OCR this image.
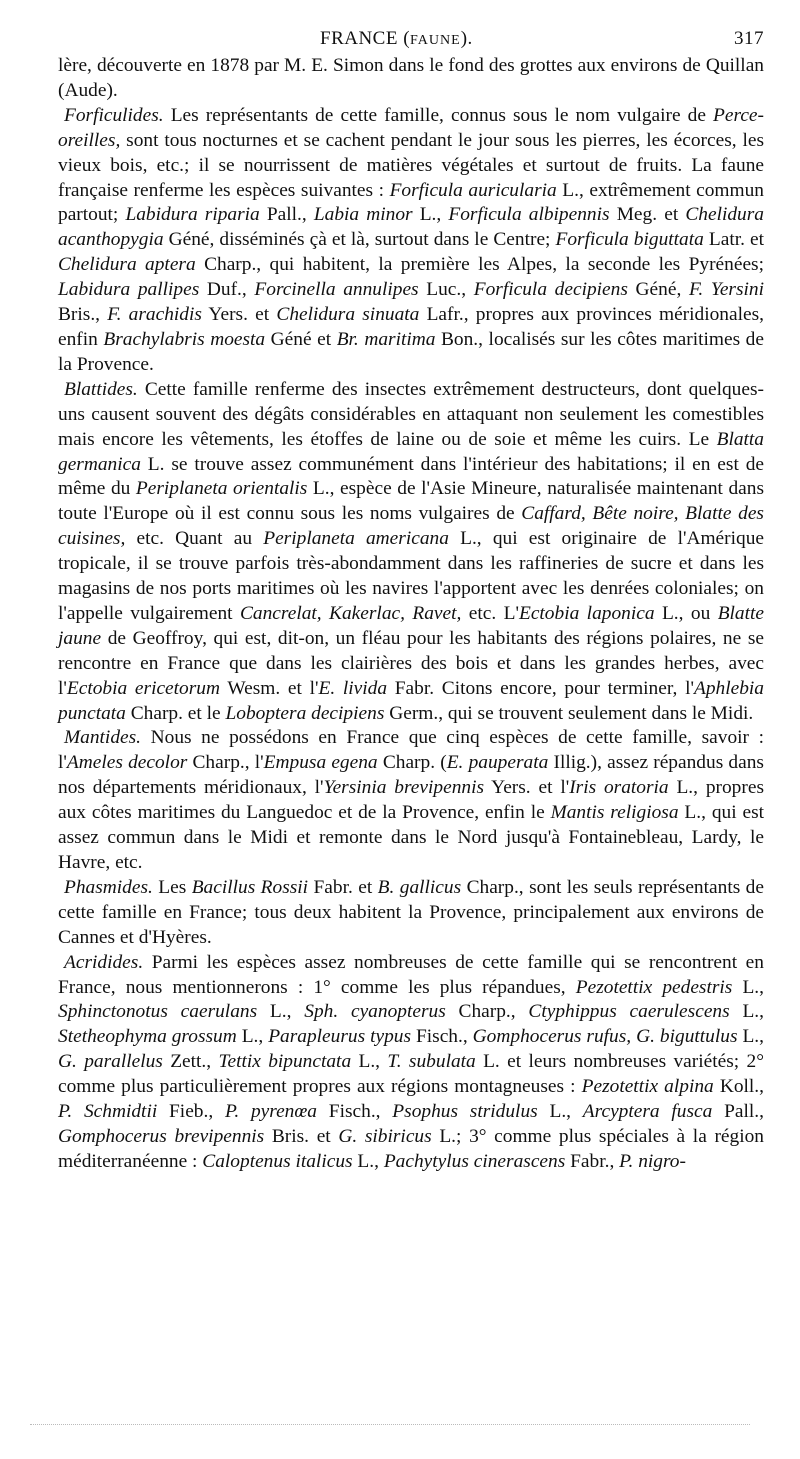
FRANCE (FAUNE).	317

lère, découverte en 1878 par M. E. Simon dans le fond des grottes aux environs de Quillan (Aude).

Forficulides. Les représentants de cette famille, connus sous le nom vulgaire de Perce-oreilles, sont tous nocturnes et se cachent pendant le jour sous les pierres, les écorces, les vieux bois, etc.; il se nourrissent de matières végétales et surtout de fruits. La faune française renferme les espèces suivantes : Forficula auricularia L., extrêmement commun partout; Labidura riparia Pall., Labia minor L., Forficula albipennis Meg. et Chelidura acanthopygia Géné, disséminés çà et là, surtout dans le Centre; Forficula biguttata Latr. et Chelidura aptera Charp., qui habitent, la première les Alpes, la seconde les Pyrénées; Labidura pallipes Duf., Forcinella annulipes Luc., Forficula decipiens Géné, F. Yersini Bris., F. arachidis Yers. et Chelidura sinuata Lafr., propres aux provinces méridionales, enfin Brachylabris moesta Géné et Br. maritima Bon., localisés sur les côtes maritimes de la Provence.

Blattides. Cette famille renferme des insectes extrêmement destructeurs, dont quelques-uns causent souvent des dégâts considérables en attaquant non seulement les comestibles mais encore les vêtements, les étoffes de laine ou de soie et même les cuirs. Le Blatta germanica L. se trouve assez communément dans l'intérieur des habitations; il en est de même du Periplaneta orientalis L., espèce de l'Asie Mineure, naturalisée maintenant dans toute l'Europe où il est connu sous les noms vulgaires de Caffard, Bête noire, Blatte des cuisines, etc. Quant au Periplaneta americana L., qui est originaire de l'Amérique tropicale, il se trouve parfois très-abondamment dans les raffineries de sucre et dans les magasins de nos ports maritimes où les navires l'apportent avec les denrées coloniales; on l'appelle vulgairement Cancrelat, Kakerlac, Ravet, etc. L'Ectobia laponica L., ou Blatte jaune de Geoffroy, qui est, dit-on, un fléau pour les habitants des régions polaires, ne se rencontre en France que dans les clairières des bois et dans les grandes herbes, avec l'Ectobia ericetorum Wesm. et l'E. livida Fabr. Citons encore, pour terminer, l'Aphlebia punctata Charp. et le Loboptera decipiens Germ., qui se trouvent seulement dans le Midi.

Mantides. Nous ne possédons en France que cinq espèces de cette famille, savoir : l'Ameles decolor Charp., l'Empusa egena Charp. (E. pauperata Illig.), assez répandus dans nos départements méridionaux, l'Yersinia brevipennis Yers. et l'Iris oratoria L., propres aux côtes maritimes du Languedoc et de la Provence, enfin le Mantis religiosa L., qui est assez commun dans le Midi et remonte dans le Nord jusqu'à Fontainebleau, Lardy, le Havre, etc.

Phasmides. Les Bacillus Rossii Fabr. et B. gallicus Charp., sont les seuls représentants de cette famille en France; tous deux habitent la Provence, principalement aux environs de Cannes et d'Hyères.

Acridides. Parmi les espèces assez nombreuses de cette famille qui se rencontrent en France, nous mentionnerons : 1° comme les plus répandues, Pezotettix pedestris L., Sphinctonotus caerulans L., Sph. cyanopterus Charp., Ctyphippus caerulescens L., Stetheophyma grossum L., Parapleurus typus Fisch., Gomphocerus rufus, G. biguttulus L., G. parallelus Zett., Tettix bipunctata L., T. subulata L. et leurs nombreuses variétés; 2° comme plus particulièrement propres aux régions montagneuses : Pezotettix alpina Koll., P. Schmidtii Fieb., P. pyrenœa Fisch., Psophus stridulus L., Arcyptera fusca Pall., Gomphocerus brevipennis Bris. et G. sibiricus L.; 3° comme plus spéciales à la région méditerranéenne : Caloptenus italicus L., Pachytylus cinerascens Fabr., P. nigro-
